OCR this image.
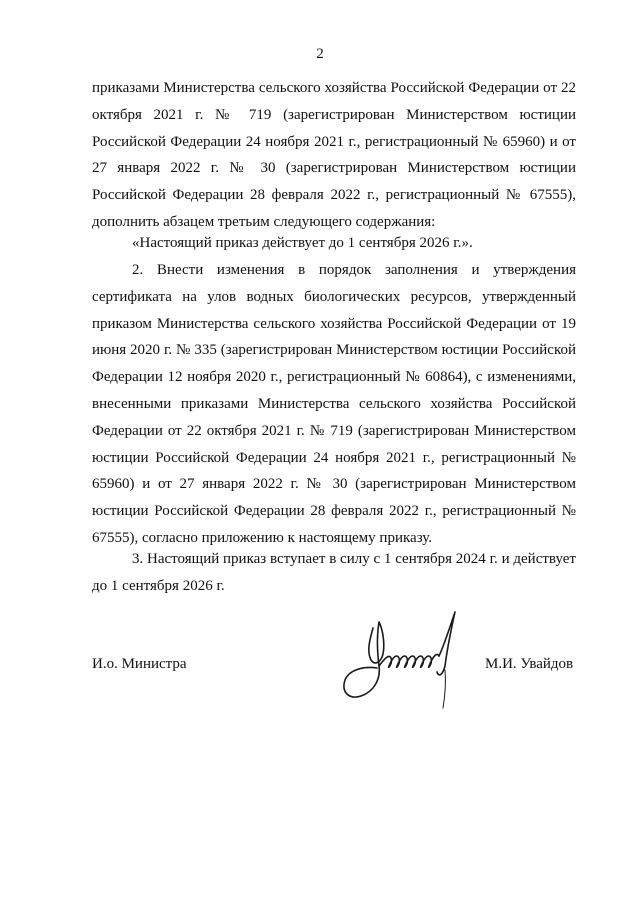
2

приказами Министерства сельского хозяйства Российской Федерации от 22 октября 2021 г. № 719 (зарегистрирован Министерством юстиции Российской Федерации 24 ноября 2021 г., регистрационный № 65960) и от 27 января 2022 г. № 30 (зарегистрирован Министерством юстиции Российской Федерации 28 февраля 2022 г., регистрационный № 67555), дополнить абзацем третьим следующего содержания:

«Настоящий приказ действует до 1 сентября 2026 г.».

2. Внести изменения в порядок заполнения и утверждения сертификата на улов водных биологических ресурсов, утвержденный приказом Министерства сельского хозяйства Российской Федерации от 19 июня 2020 г. № 335 (зарегистрирован Министерством юстиции Российской Федерации 12 ноября 2020 г., регистрационный № 60864), с изменениями, внесенными приказами Министерства сельского хозяйства Российской Федерации от 22 октября 2021 г. № 719 (зарегистрирован Министерством юстиции Российской Федерации 24 ноября 2021 г., регистрационный № 65960) и от 27 января 2022 г. № 30 (зарегистрирован Министерством юстиции Российской Федерации 28 февраля 2022 г., регистрационный № 67555), согласно приложению к настоящему приказу.

3. Настоящий приказ вступает в силу с 1 сентября 2024 г. и действует до 1 сентября 2026 г.

И.о. Министра	М.И. Увайдов
